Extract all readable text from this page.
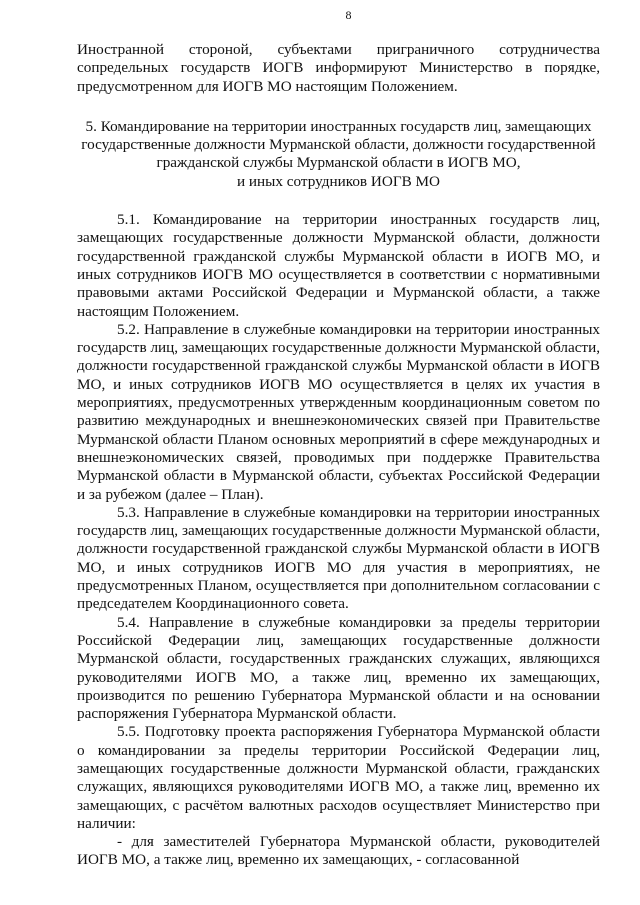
8

Иностранной стороной, субъектами приграничного сотрудничества сопредельных государств ИОГВ информируют Министерство в порядке, предусмотренном для ИОГВ МО настоящим Положением.

5. Командирование на территории иностранных государств лиц, замещающих
государственные должности Мурманской области, должности государственной
гражданской службы Мурманской области в ИОГВ МО,
и иных сотрудников ИОГВ МО

5.1. Командирование на территории иностранных государств лиц, замещающих государственные должности Мурманской области, должности государственной гражданской службы Мурманской области в ИОГВ МО, и иных сотрудников ИОГВ МО осуществляется в соответствии с нормативными правовыми актами Российской Федерации и Мурманской области, а также настоящим Положением.

5.2. Направление в служебные командировки на территории иностранных государств лиц, замещающих государственные должности Мурманской области, должности государственной гражданской службы Мурманской области в ИОГВ МО, и иных сотрудников ИОГВ МО осуществляется в целях их участия в мероприятиях, предусмотренных утвержденным координационным советом по развитию международных и внешнеэкономических связей при Правительстве Мурманской области Планом основных мероприятий в сфере международных и внешнеэкономических связей, проводимых при поддержке Правительства Мурманской области в Мурманской области, субъектах Российской Федерации и за рубежом (далее – План).

5.3. Направление в служебные командировки на территории иностранных государств лиц, замещающих государственные должности Мурманской области, должности государственной гражданской службы Мурманской области в ИОГВ МО, и иных сотрудников ИОГВ МО для участия в мероприятиях, не предусмотренных Планом, осуществляется при дополнительном согласовании с председателем Координационного совета.

5.4. Направление в служебные командировки за пределы территории Российской Федерации лиц, замещающих государственные должности Мурманской области, государственных гражданских служащих, являющихся руководителями ИОГВ МО, а также лиц, временно их замещающих, производится по решению Губернатора Мурманской области и на основании распоряжения Губернатора Мурманской области.

5.5. Подготовку проекта распоряжения Губернатора Мурманской области о командировании за пределы территории Российской Федерации лиц, замещающих государственные должности Мурманской области, гражданских служащих, являющихся руководителями ИОГВ МО, а также лиц, временно их замещающих, с расчётом валютных расходов осуществляет Министерство при наличии:

- для заместителей Губернатора Мурманской области, руководителей ИОГВ МО, а также лиц, временно их замещающих, - согласованной
